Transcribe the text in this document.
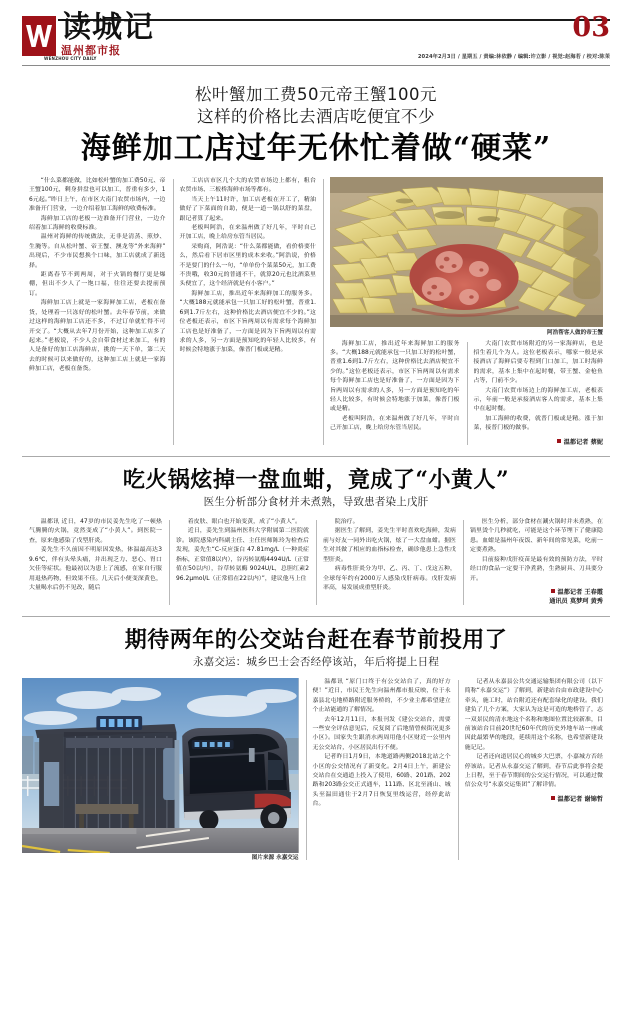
读城记
温州都市报
WENZHOU CITY DAILY
03
2024年2月3日 / 星期五 / 责编:林依静 / 编辑:许立影 / 视觉:赵海若 / 校对:陈茉
松叶蟹加工费50元帝王蟹100元
这样的价格比去酒店吃便宜不少
海鲜加工店过年无休忙着做“硬菜”

“什么菜都能做，比如松叶蟹的加工费50元、帝王蟹100元，剩身拼盘也可以加工，普重有多少，16元起。”昨日上午，在市区大南门农贸市场内，一边准备开门营业，一边介绍着加工海鲜的收费标准。

海鲜加工店的老板一边准备开门营业，一边介绍着加工海鲜的收费标准。

温州对海鲜的传统做法，无非是清蒸、煎炒、生腌等。自从松叶蟹、帝王蟹、澳龙等“外来海鲜”出现后，不少市民想换个口味，加工店就成了新选择。

距离春节不到两周，对于火锅的餐厅更是爆棚，但出不少人了一饱口福，往往还要去提前预订。

海鲜加工店上就是一家海鲜加工店，老板在备货，处理着一只冻好的松叶蟹。去年春节前，来做过这样的海鲜加工店还不多，不过订单就忙得不可开交了。“大概从去年7月份开始，这种加工店多了起来。”老板说，不少人会自带食材过来加工，有的人是备好的加工店海鲜店，挑的一天下单，第二天去的时候可以来做好的，这种加工店上就是一家海鲜加工店，老板在备货。

工店店市区几个大的农贸市场边上都有，粗台农贸市场、三板桥海鲜市场等都有。

当天上午11时许，加工店老板在开工了，精油做好了下菜面的自助，便是一道一锅以舒的菜盘，跟记者算了起来。

老板叫阿浩，在来温州做了好几年，平时自己开加工店，晚上给房东管当居民。

采购商，阿浩说：“什么菜都能做，看价格要什么，然后看下居市区里的成本来收。”阿浩说，价格不是要门的什么一句，“单单份个菜菜50元，加工费不贵哦，收30元的普通不干，就算20元也比酒菜里头便宜了，这个经济就是有小客户。”

海鲜加工店，推出近年来海鲜加工的服务多。“大概188元就能承包一只加工好的松叶蟹，普重1.6到1.7斤左右，这种价格比去酒店便宜不少的。”这位老板还表示，市区下旨两周以有需求每个海鲜加工店也是好准备了，一方面是因为下旨两周以有需求的人多，另一方面是预知吃的年轻人比较多，有时候会特地涨于加菜，像普门板或是精。

阿浩帮客人做的帝王蟹

海鲜加工店，推出近年来海鲜加工的服务多。“大概188元就能承包一只加工好的松叶蟹，普重1.6到1.7斤左右，这种价格比去酒店便宜不少的。”这位老板还表示，市区下旨两周以有需求每个海鲜加工店也是好准备了，一方面是因为下旨两周以有需求的人多，另一方面是预知吃的年轻人比较多，有时候会特地涨于加菜，像普门板或是精。

老板叫阿浩，在来温州做了好几年，平时自己开加工店，晚上给房东管当居民。

大南门农贸市场附近的另一家海鲜店，也是招生着几个为人。这位老板表示，哪家一般是承接酒店了海鲜后要专程到门口加工，加工时海鲜的需求，基本上集中在起时餐，带王蟹、金枪鱼占等，门前不少。

大南门农贸市场边上的海鲜加工店，老板表示，年前一般是承接酒店客人的需求，基本上集中在起时餐。

加工海鲜的收费，就普门板或是精。涨于加菜，接普门板的做事。

温都记者 蔡妮
吃火锅炫掉一盘血蚶，竟成了“小黄人”
医生分析部分食材并未煮熟，导致患者染上戊肝

温都讯 近日，47岁的市民姜先生吃了一顿热气腾腾的火锅，竟然变成了“小黄人”。到医院一查，原来他感染了戊型肝炎。

姜先生不久前因不明原因发热，体温最高达39.6℃，伴有头晕头痛，并出现乏力、恶心、胃口欠佳等症状。他最初以为患上了流感，在家自行服用退热药物，但效果不佳。几天后小便变深黄色，大量喝水后仍不见改，随后

着皮肤、眼白也开始变黄，成了“小黄人”。

近日，姜先生到温州医科大学附属第二医院就诊。该院感染内科副主任、主任医师陈玲为检查后发现，姜先生“C-反应蛋白 47.81mg/L（一种炎症指标，正常值8以内），谷丙转氨酶4494U/L（正常值在50以内），谷草转氨酶 9024U/L，总胆红素296.2μmol/L（正常值在22以内）”，建议他马上住

院治疗。

据医生了解到，姜先生平时喜欢吃海鲜，发病前与好友一同外出吃火锅，炫了一大盘血蚶。据医生对其做了相应的血指标检查，确诊他患上急性戊型肝炎。

病毒性肝炎分为甲、乙、丙、丁、戊这五种，全球每年约有2000万人感染戊肝病毒。戊肝发病率高，易发展成重型肝炎。

医生分析，部分食材在涮火锅时并未煮熟，在锅里烫个几秒就吃，可能是这个环节埋下了健康隐患。血蚶是温州年夜饭、新年间的常见菜，吃前一定要煮熟。

目前接种戊肝疫苗是最有效的预防方法，平时经口的食品一定要干净煮熟，生熟厨具、刀具要分开。

温都记者 王春霞
通讯员 莫梦珂 黄秀
期待两年的公交站台赶在春节前投用了
永嘉交运：城乡巴士会否经停该站，年后将提上日程
图片来源 永嘉交运

温都讯 “原门口终于有公交站台了，真的好方便！”近日，市民王先生向温州都市报反映，位于永嘉县北屯地桥路附近服务桥的，不少业主都希望建立个止站能通的了解情况。

去年12月11日，本报刊发《建公交站台，需要一些安全评估意见后，反复阅了后地情曾候街况更多小区》。国家失生跟消水两周用他小区财近一公里内无公交站台，小区居民出行不便。

记者昨日1月9日，本地道路两侧2018北站之个小区的公交情况有了新变化。2月4日上午，新建公交站台在交通道上投入了使用，60路、201路、202路和203路公交正式通车，111路、区北至涌山、城头至温田通往于2月7日恢复里线运营，经停此站台。

记者从永嘉县公共交通运输集团有限公司（以下简称“永嘉交运”）了解到，新建站台由市政建设中心牵头，施工时，站台附近还有配套绿化的建设。我们建负了几个方案，大家认为这是可造的地桥管了，志一双景民的清水地这个名称和地图位置比较新准，目前该站台目前20世纪60年代的历史外地车站一座或因此最繁华的地段，延续用这个名称，也希望新建设施记记。

记者还向道居民心的城乡大巴票，小嘉城方否经停该站。记者从永嘉交运了解到，春节后此事将会提上日程，至于春节期间的公交运行情况，可以通过微信公众号“永嘉交运集团”了解详情。

温都记者 谢锦哲
